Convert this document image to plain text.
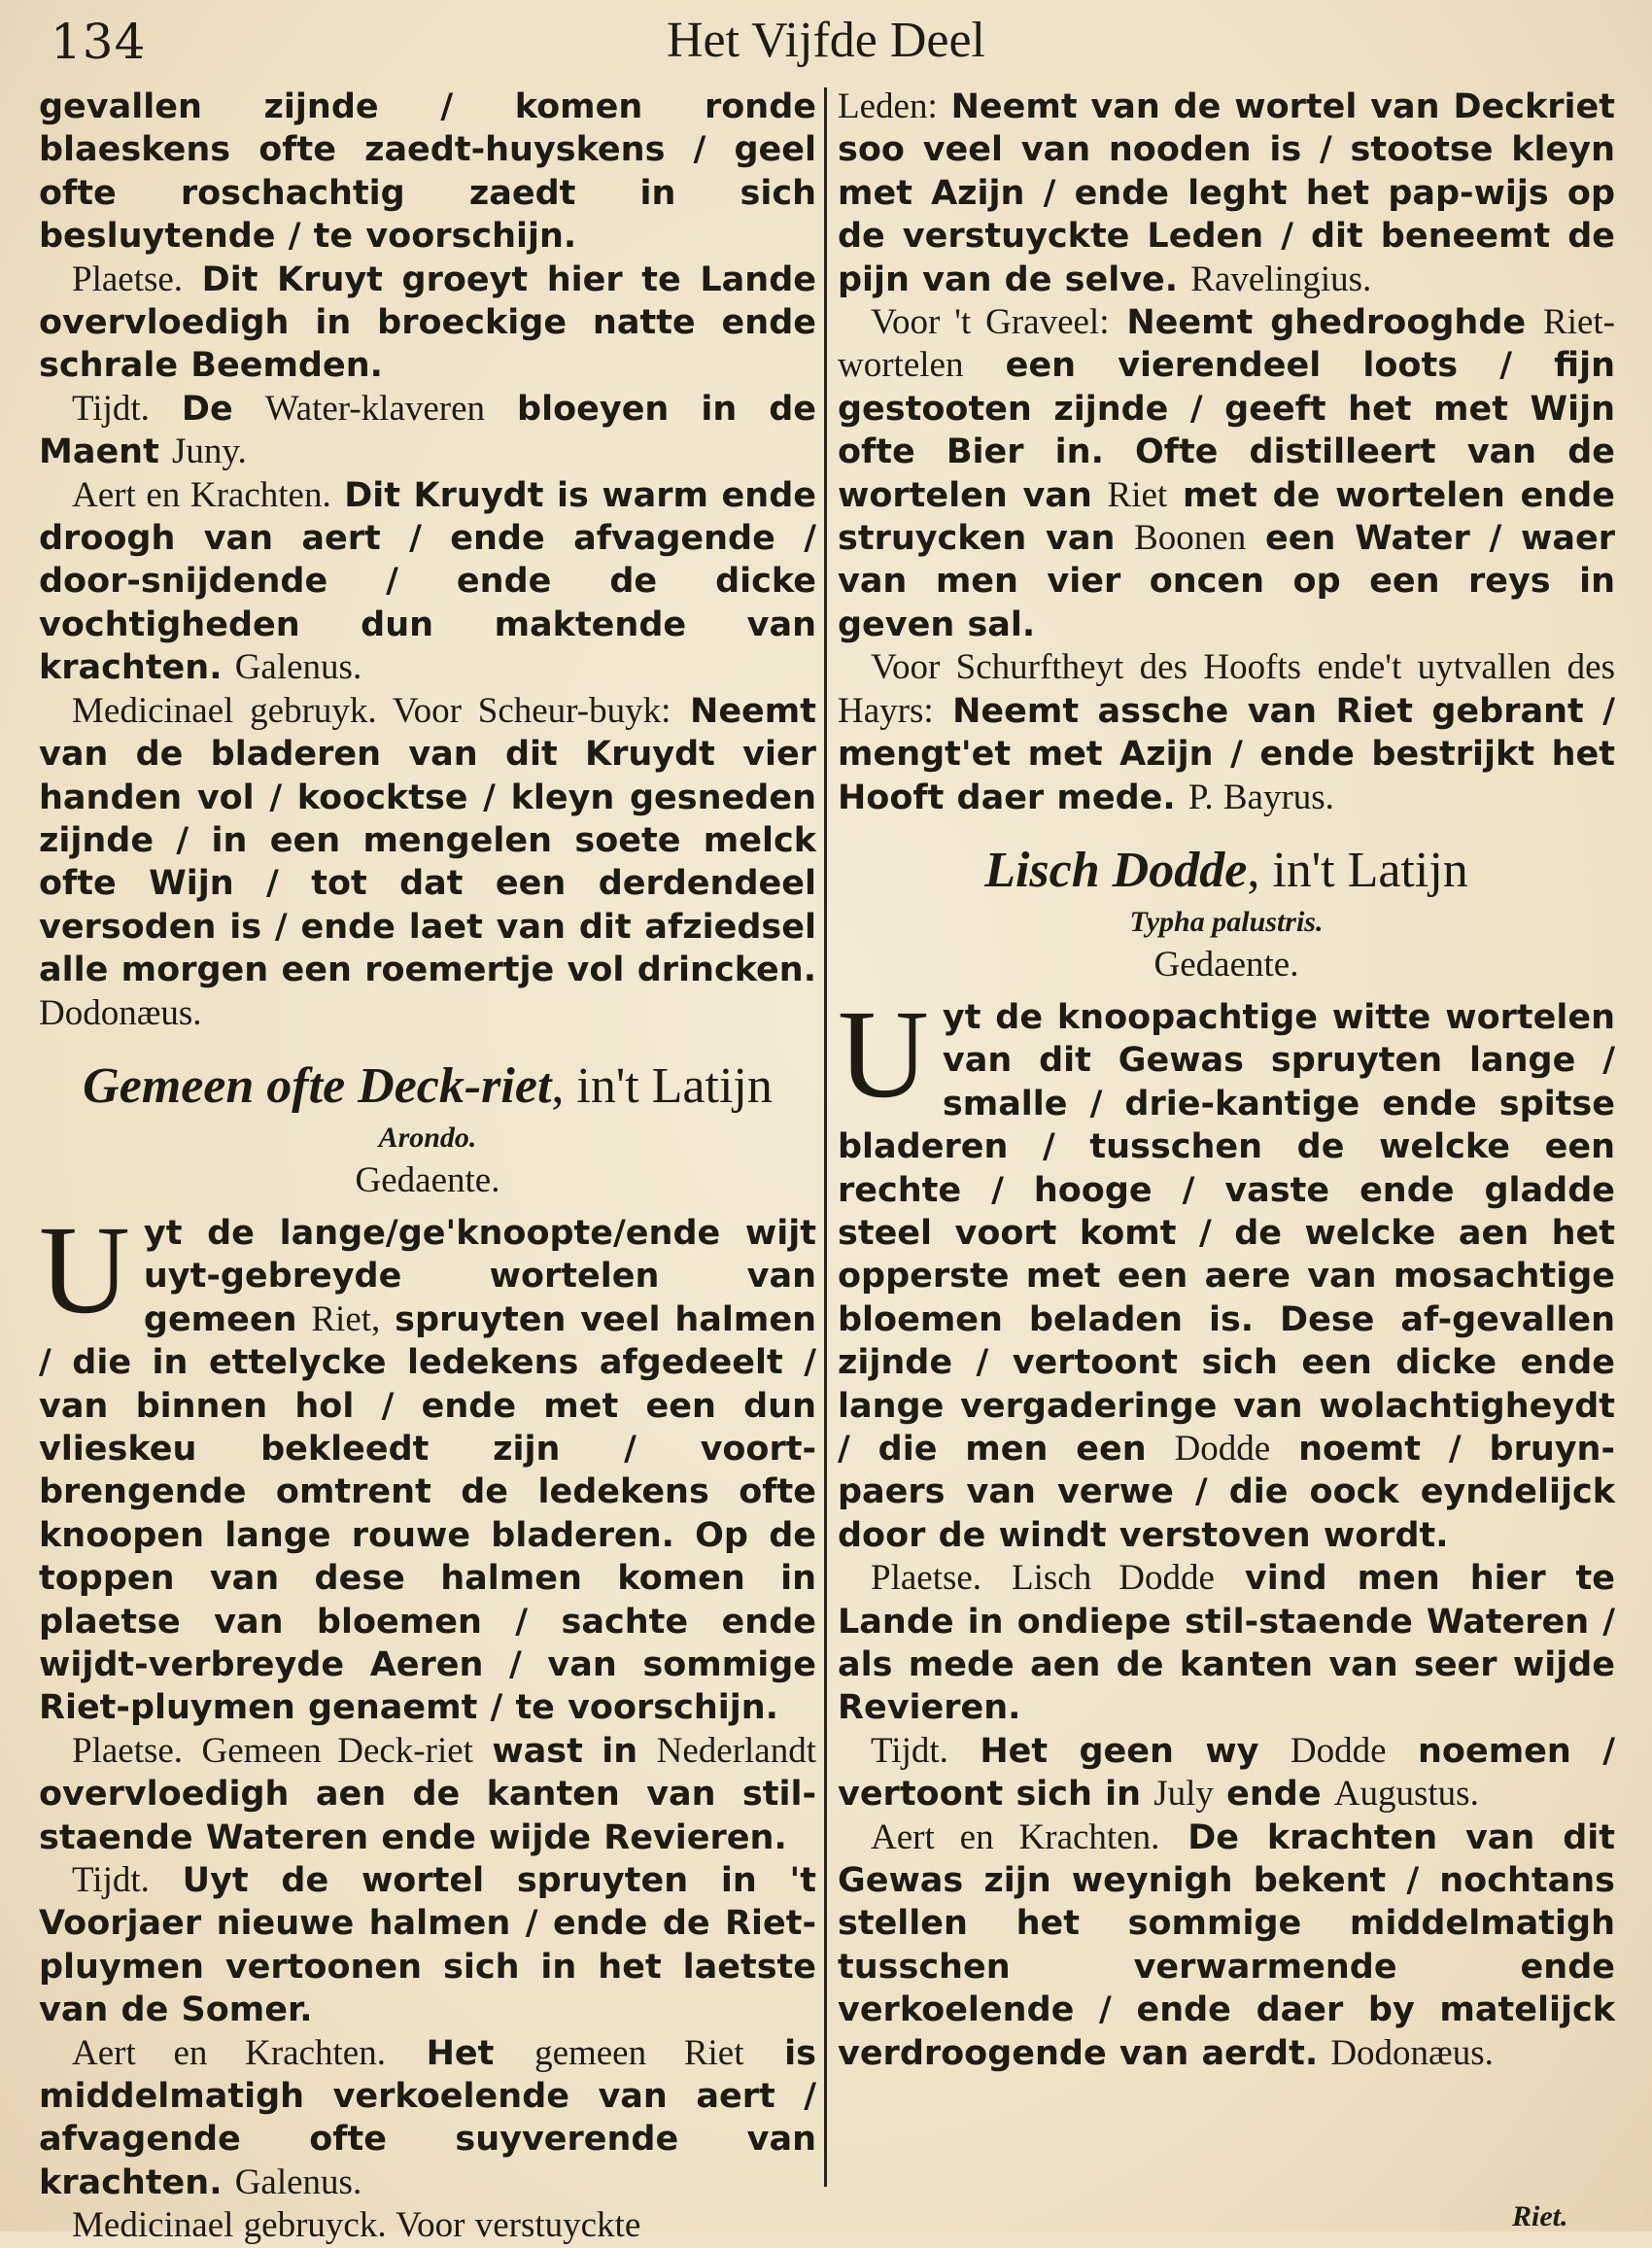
134	Het Vijfde Deel

gevallen zijnde / komen ronde blaeskens ofte zaedt-huyskens / geel ofte roschachtig zaedt in sich besluytende / te voorschijn.

Plaetse. Dit Kruyt groeyt hier te Lande overvloedigh in broeckige natte ende schrale Beemden.

Tijdt. De Water-klaveren bloeyen in de Maent Juny.

Aert en Krachten. Dit Kruydt is warm ende droogh van aert / ende afvagende / door-snijdende / ende de dicke vochtigheden dun maktende van krachten. Galenus.

Medicinael gebruyk. Voor Scheur-buyk: Neemt van de bladeren van dit Kruydt vier handen vol / koocktse / kleyn gesneden zijnde / in een mengelen soete melck ofte Wijn / tot dat een derdendeel versoden is / ende laet van dit afziedsel alle morgen een roemertje vol drincken. Dodonæus.

Gemeen ofte Deck-riet, in't Latijn
Arondo.
Gedaente.

Uyt de lange/ge'knoopte/ende wijt uyt-gebreyde wortelen van gemeen Riet, spruyten veel halmen / die in ettelycke ledekens afgedeelt / van binnen hol / ende met een dun vlieskeu bekleedt zijn / voort-brengende omtrent de ledekens ofte knoopen lange rouwe bladeren. Op de toppen van dese halmen komen in plaetse van bloemen / sachte ende wijdt-verbreyde Aeren / van sommige Riet-pluymen genaemt / te voorschijn.

Plaetse. Gemeen Deck-riet wast in Nederlandt overvloedigh aen de kanten van stil-staende Wateren ende wijde Revieren.

Tijdt. Uyt de wortel spruyten in 't Voorjaer nieuwe halmen / ende de Riet-pluymen vertoonen sich in het laetste van de Somer.

Aert en Krachten. Het gemeen Riet is middelmatigh verkoelende van aert / afvagende ofte suyverende van krachten. Galenus.

Medicinael gebruyck. Voor verstuyckte

Leden: Neemt van de wortel van Deckriet soo veel van nooden is / stootse kleyn met Azijn / ende leght het pap-wijs op de verstuyckte Leden / dit beneemt de pijn van de selve. Ravelingius.

Voor 't Graveel: Neemt ghedrooghde Riet-wortelen een vierendeel loots / fijn gestooten zijnde / geeft het met Wijn ofte Bier in. Ofte distilleert van de wortelen van Riet met de wortelen ende struycken van Boonen een Water / waer van men vier oncen op een reys in geven sal.

Voor Schurftheyt des Hoofts ende't uytvallen des Hayrs: Neemt assche van Riet gebrant / mengt'et met Azijn / ende bestrijkt het Hooft daer mede. P. Bayrus.

Lisch Dodde, in't Latijn
Typha palustris.
Gedaente.

Uyt de knoopachtige witte wortelen van dit Gewas spruyten lange / smalle / drie-kantige ende spitse bladeren / tusschen de welcke een rechte / hooge / vaste ende gladde steel voort komt / de welcke aen het opperste met een aere van mosachtige bloemen beladen is. Dese af-gevallen zijnde / vertoont sich een dicke ende lange vergaderinge van wolachtigheydt / die men een Dodde noemt / bruyn-paers van verwe / die oock eyndelijck door de windt verstoven wordt.

Plaetse. Lisch Dodde vind men hier te Lande in ondiepe stil-staende Wateren / als mede aen de kanten van seer wijde Revieren.

Tijdt. Het geen wy Dodde noemen / vertoont sich in July ende Augustus.

Aert en Krachten. De krachten van dit Gewas zijn weynigh bekent / nochtans stellen het sommige middelmatigh tusschen verwarmende ende verkoelende / ende daer by matelijck verdroogende van aerdt. Dodonæus.

Riet.
